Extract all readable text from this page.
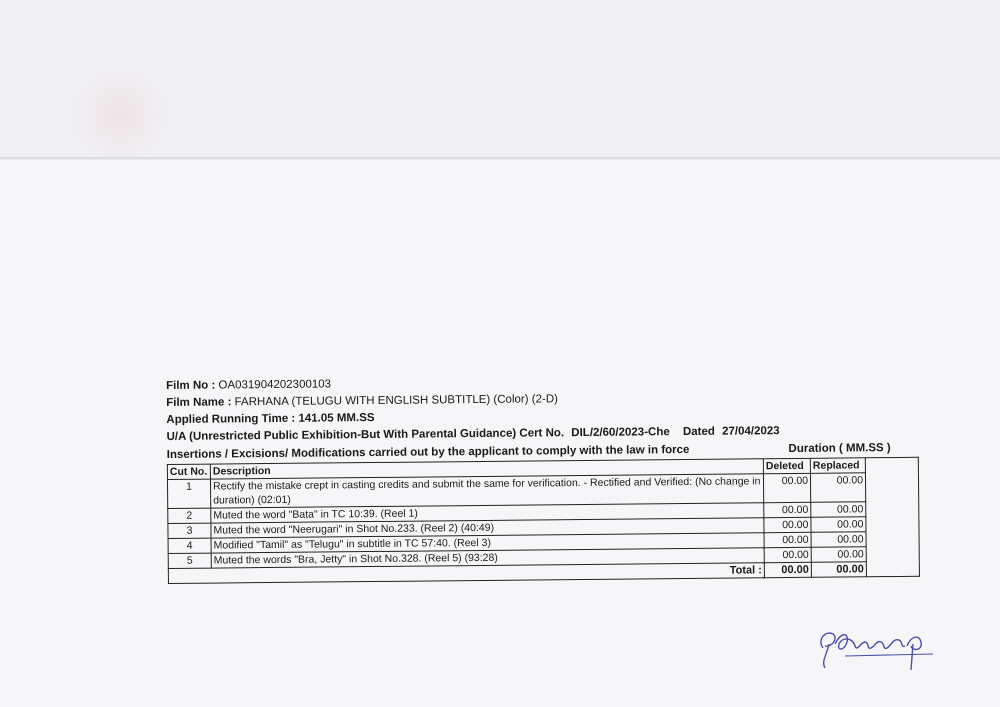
Film No : OA031904202300103
Film Name : FARHANA (TELUGU WITH ENGLISH SUBTITLE) (Color) (2-D)
Applied Running Time : 141.05 MM.SS
U/A (Unrestricted Public Exhibition-But With Parental Guidance) Cert No. DIL/2/60/2023-Che Dated 27/04/2023
Insertions / Excisions/ Modifications carried out by the applicant to comply with the law in force	Duration ( MM.SS )
Cut No.	Description	Deleted	Replaced	
1	Rectify the mistake crept in casting credits and submit the same for verification. - Rectified and Verified: (No change in duration) (02:01)	00.00	00.00	
2	Muted the word "Bata" in TC 10:39. (Reel 1)	00.00	00.00	
3	Muted the word "Neerugari" in Shot No.233. (Reel 2) (40:49)	00.00	00.00	
4	Modified "Tamil" as "Telugu" in subtitle in TC 57:40. (Reel 3)	00.00	00.00	
5	Muted the words "Bra, Jetty" in Shot No.328. (Reel 5) (93:28)	00.00	00.00	
Total :		00.00	00.00	
